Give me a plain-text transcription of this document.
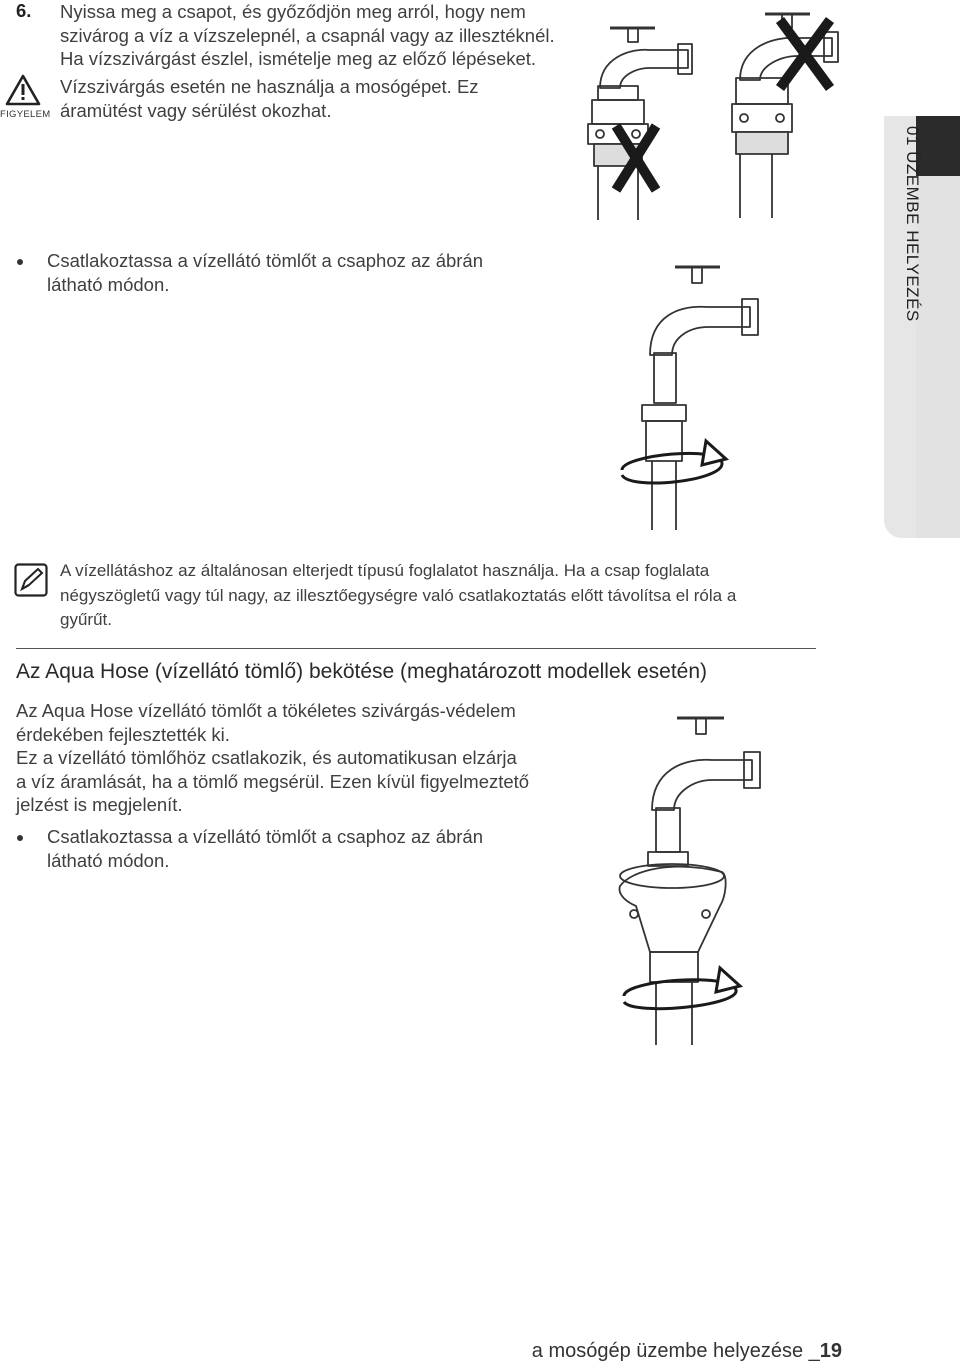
6. Nyissa meg a csapot, és győződjön meg arról, hogy nem
szivárog a víz a vízszelepnél, a csapnál vagy az illesztéknél.
Ha vízszivárgást észlel, ismételje meg az előző lépéseket.
FIGYELEM
Vízszivárgás esetén ne használja a mosógépet. Ez
áramütést vagy sérülést okozhat.
Csatlakoztassa a vízellátó tömlőt a csaphoz az ábrán
látható módon.	01 ÜZEMBE HELYEZÉS
A vízellátáshoz az általánosan elterjedt típusú foglalatot használja. Ha a csap foglalata
négyszögletű vagy túl nagy, az illesztőegységre való csatlakoztatás előtt távolítsa el róla a
gyűrűt.
Az Aqua Hose (vízellátó tömlő) bekötése (meghatározott modellek esetén)
Az Aqua Hose vízellátó tömlőt a tökéletes szivárgás-védelem
érdekében fejlesztették ki.
Ez a vízellátó tömlőhöz csatlakozik, és automatikusan elzárja
a víz áramlását, ha a tömlő megsérül. Ezen kívül figyelmeztető
jelzést is megjelenít.
Csatlakoztassa a vízellátó tömlőt a csaphoz az ábrán
látható módon.
a mosógép üzembe helyezése _19
